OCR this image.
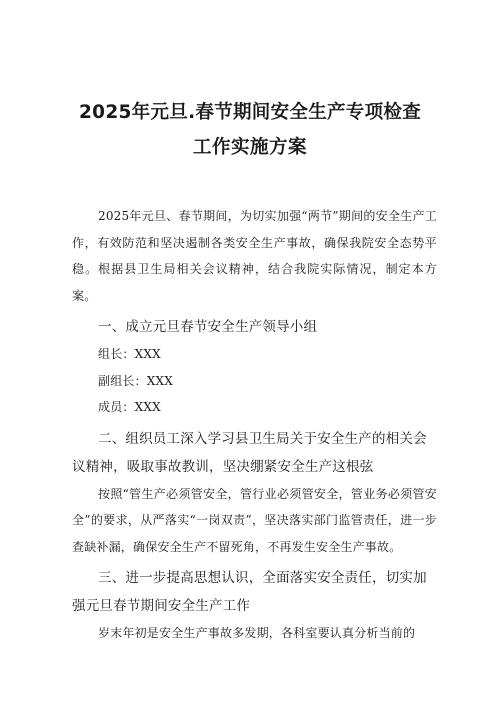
2025年元旦.春节期间安全生产专项检查
工作实施方案

2025年元旦、春节期间，为切实加强“两节”期间的安全生产工作，有效防范和坚决遏制各类安全生产事故，确保我院安全态势平稳。根据县卫生局相关会议精神，结合我院实际情况，制定本方案。

一、成立元旦春节安全生产领导小组

组长：XXX

副组长：XXX

成员：XXX

二、组织员工深入学习县卫生局关于安全生产的相关会议精神，吸取事故教训，坚决绷紧安全生产这根弦

按照“管生产必须管安全，管行业必须管安全，管业务必须管安全”的要求，从严落实“一岗双责”，坚决落实部门监管责任，进一步查缺补漏，确保安全生产不留死角，不再发生安全生产事故。

三、进一步提高思想认识，全面落实安全责任，切实加强元旦春节期间安全生产工作

岁末年初是安全生产事故多发期，各科室要认真分析当前的
